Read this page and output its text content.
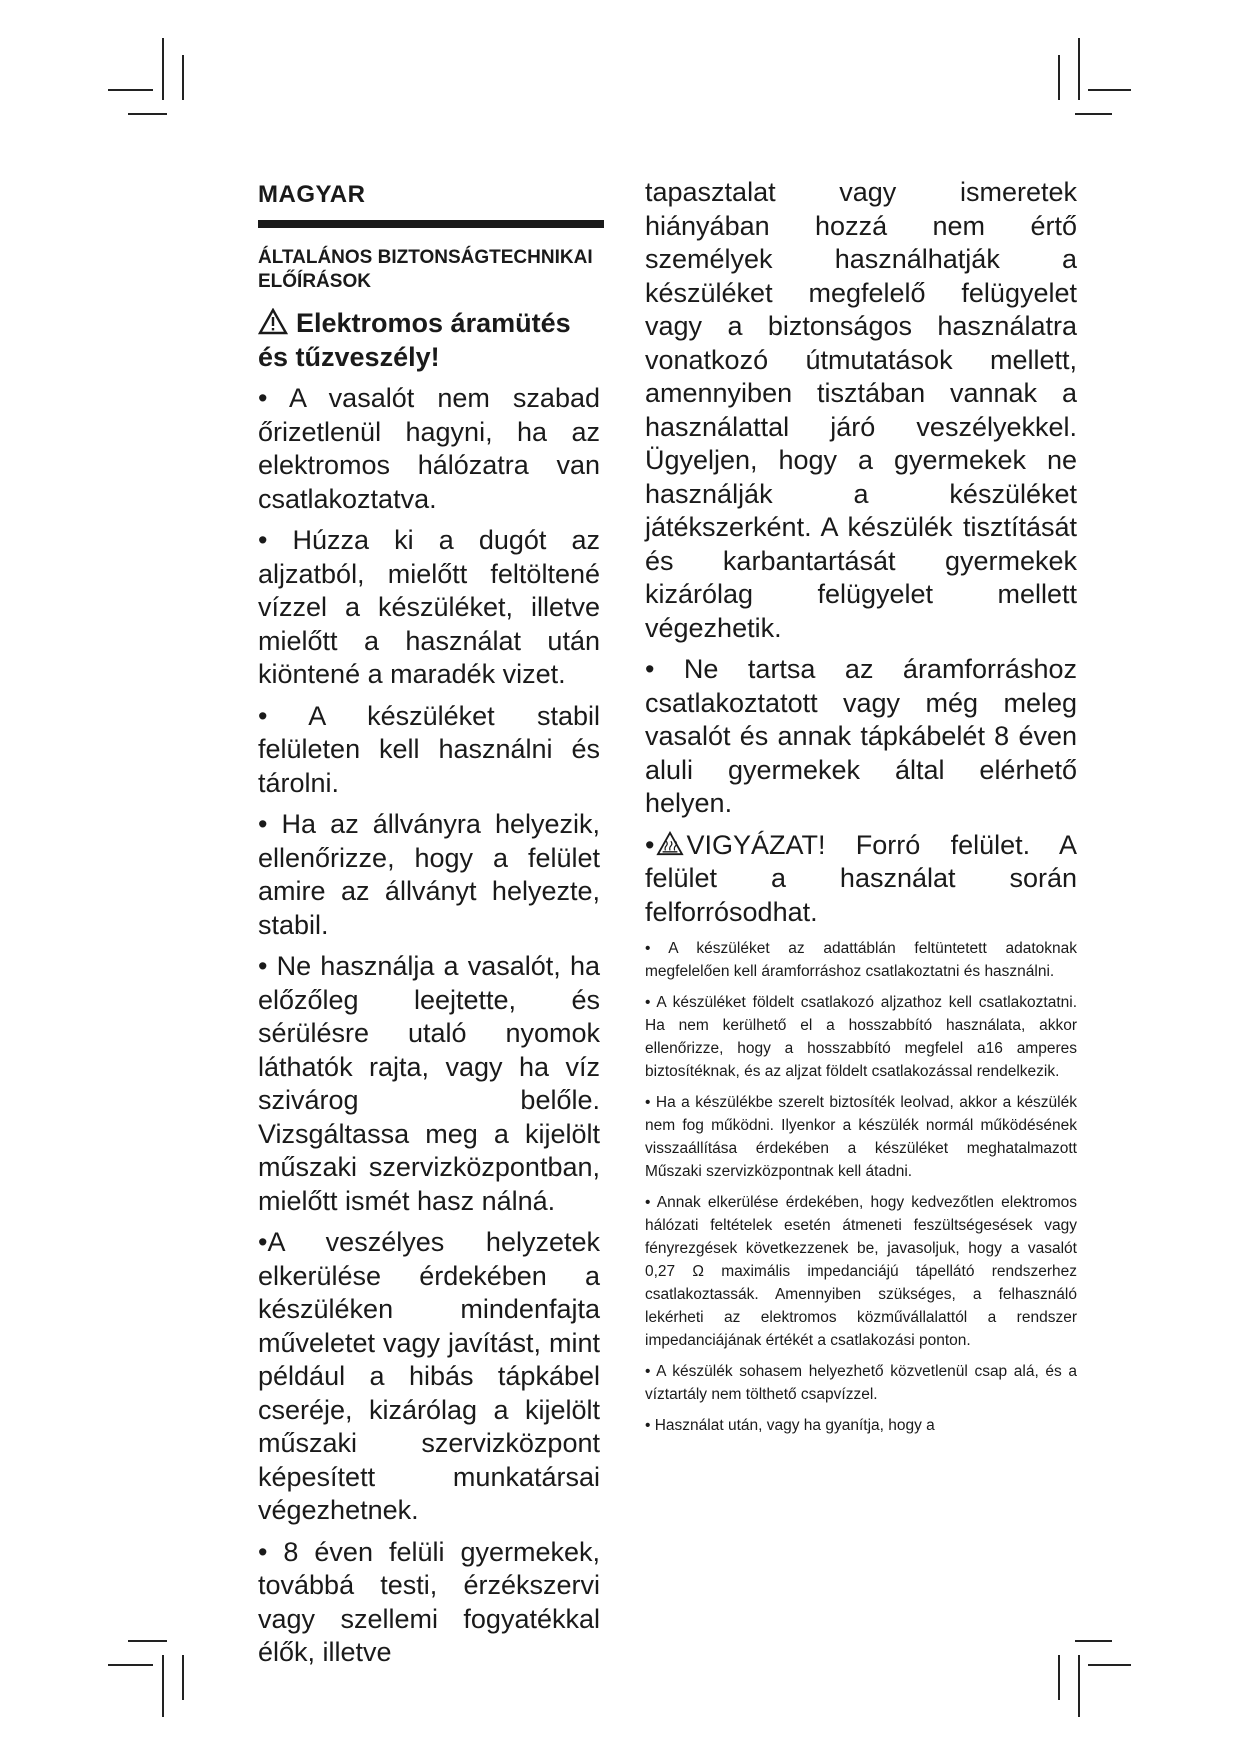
MAGYAR
ÁLTALÁNOS BIZTONSÁGTECHNIKAI ELŐÍRÁSOK
Elektromos áramütés és tűzveszély!

• A vasalót nem szabad őrizetlenül hagyni, ha az elektromos hálózatra van csatlakoztatva.

• Húzza ki a dugót az aljzatból, mielőtt feltöltené vízzel a készüléket, illetve mielőtt a használat után kiöntené a maradék vizet.

• A készüléket stabil felületen kell használni és tárolni.

• Ha az állványra helyezik, ellenőrizze, hogy a felület amire az állványt helyezte, stabil.

• Ne használja a vasalót, ha előzőleg leejtette, és sérülésre utaló nyomok láthatók rajta, vagy ha víz szivárog belőle. Vizsgáltassa meg a kijelölt műszaki szervizközpontban, mielőtt ismét hasz nálná.

•A veszélyes helyzetek elkerülése érdekében a készüléken mindenfajta műveletet vagy javítást, mint például a hibás tápkábel cseréje, kizárólag a kijelölt műszaki szervizközpont képesített munkatársai végezhetnek.

• 8 éven felüli gyermekek, továbbá testi, érzékszervi vagy szellemi fogyatékkal élők, illetve

tapasztalat vagy ismeretek hiányában hozzá nem értő személyek használhatják a készüléket megfelelő felügyelet vagy a biztonságos használatra vonatkozó útmutatások mellett, amennyiben tisztában vannak a használattal járó veszélyekkel. Ügyeljen, hogy a gyermekek ne használják a készüléket játékszerként. A készülék tisztítását és karbantartását gyermekek kizárólag felügyelet mellett végezhetik.

• Ne tartsa az áramforráshoz csatlakoztatott vagy még meleg vasalót és annak tápkábelét 8 éven aluli gyermekek által elérhető helyen.

• VIGYÁZAT! Forró felület. A felület a használat során felforrósodhat.

• A készüléket az adattáblán feltüntetett adatoknak megfelelően kell áramforráshoz csatlakoztatni és használni.

• A készüléket földelt csatlakozó aljzathoz kell csatlakoztatni. Ha nem kerülhető el a hosszabbító használata, akkor ellenőrizze, hogy a hosszabbító megfelel a16 amperes biztosítéknak, és az aljzat földelt csatlakozással rendelkezik.

• Ha a készülékbe szerelt biztosíték leolvad, akkor a készülék nem fog működni. Ilyenkor a készülék normál működésének visszaállítása érdekében a készüléket meghatalmazott Műszaki szervizközpontnak kell átadni.

• Annak elkerülése érdekében, hogy kedvezőtlen elektromos hálózati feltételek esetén átmeneti feszültségesések vagy fényrezgések következzenek be, javasoljuk, hogy a vasalót 0,27 Ω maximális impedanciájú tápellátó rendszerhez csatlakoztassák. Amennyiben szükséges, a felhasználó lekérheti az elektromos közművállalattól a rendszer impedanciájának értékét a csatlakozási ponton.

• A készülék sohasem helyezhető közvetlenül csap alá, és a víztartály nem tölthető csapvízzel.

• Használat után, vagy ha gyanítja, hogy a
